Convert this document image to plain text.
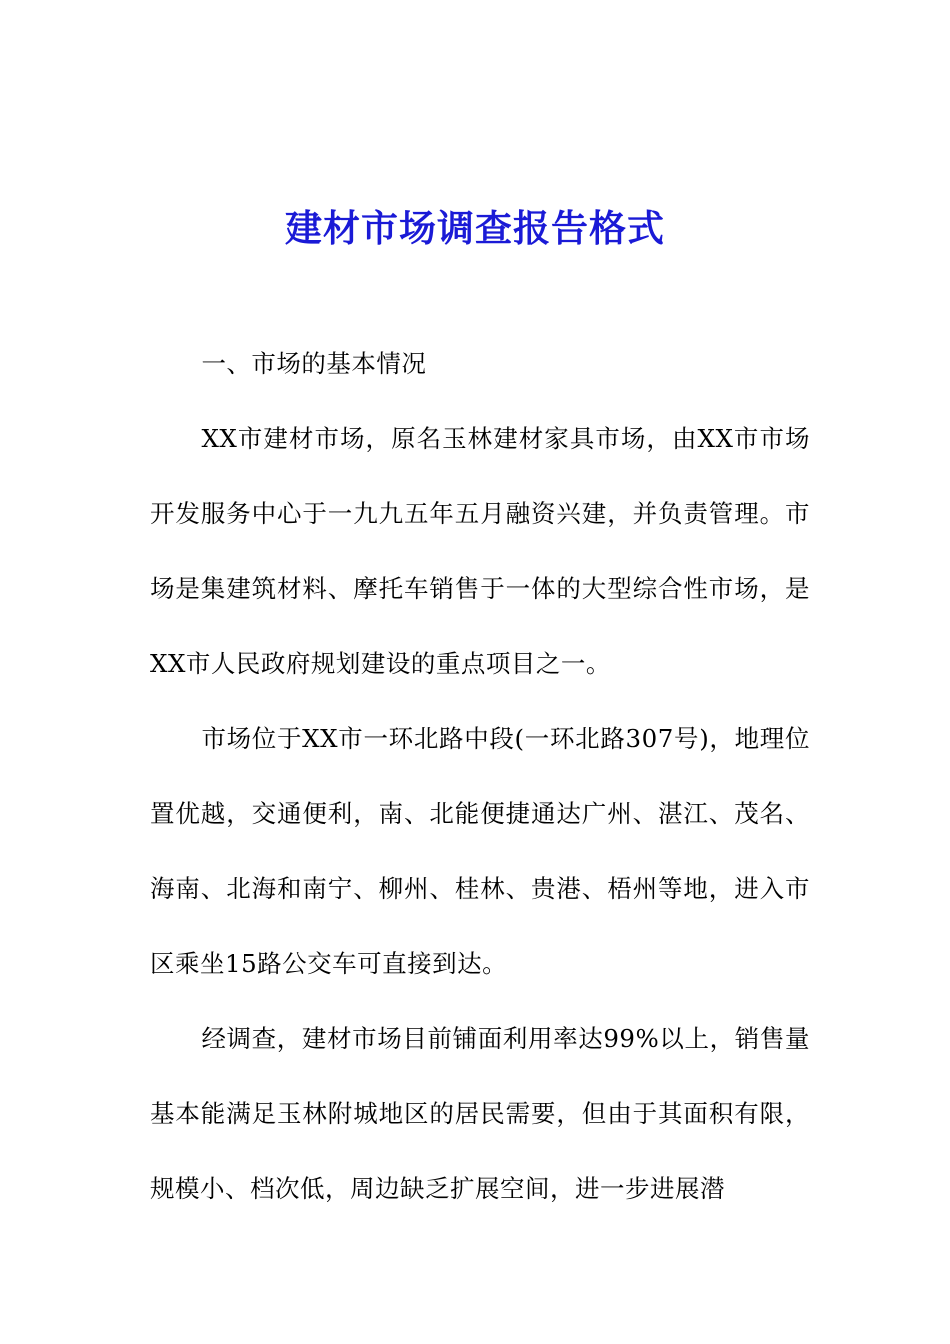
建材市场调查报告格式

一、市场的基本情况

XX市建材市场，原名玉林建材家具市场，由XX市市场开发服务中心于一九九五年五月融资兴建，并负责管理。市场是集建筑材料、摩托车销售于一体的大型综合性市场，是XX市人民政府规划建设的重点项目之一。

市场位于XX市一环北路中段(一环北路307号)，地理位置优越，交通便利，南、北能便捷通达广州、湛江、茂名、海南、北海和南宁、柳州、桂林、贵港、梧州等地，进入市区乘坐15路公交车可直接到达。

经调查，建材市场目前铺面利用率达99%以上，销售量基本能满足玉林附城地区的居民需要，但由于其面积有限，规模小、档次低，周边缺乏扩展空间，进一步进展潜
